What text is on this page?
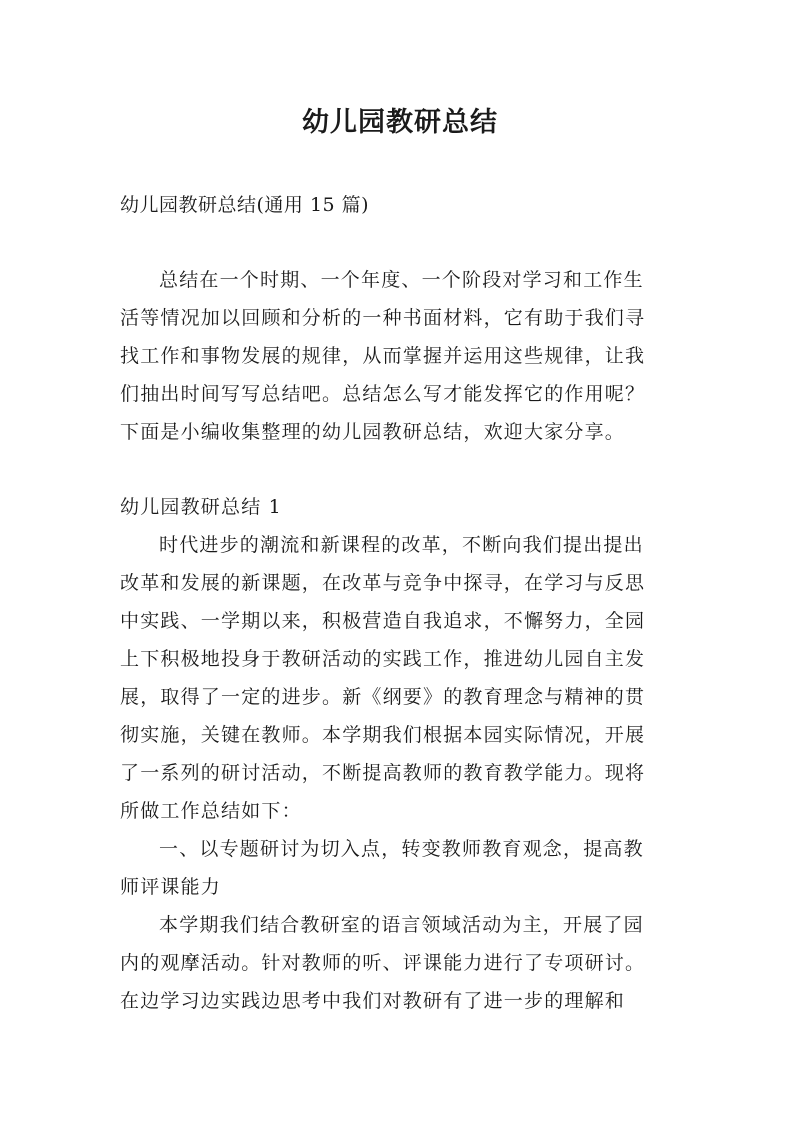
幼儿园教研总结
幼儿园教研总结(通用 15 篇)
总结在一个时期、一个年度、一个阶段对学习和工作生
活等情况加以回顾和分析的一种书面材料，它有助于我们寻
找工作和事物发展的规律，从而掌握并运用这些规律，让我
们抽出时间写写总结吧。总结怎么写才能发挥它的作用呢？
下面是小编收集整理的幼儿园教研总结，欢迎大家分享。
幼儿园教研总结 1
时代进步的潮流和新课程的改革，不断向我们提出提出
改革和发展的新课题，在改革与竞争中探寻，在学习与反思
中实践、一学期以来，积极营造自我追求，不懈努力，全园
上下积极地投身于教研活动的实践工作，推进幼儿园自主发
展，取得了一定的进步。新《纲要》的教育理念与精神的贯
彻实施，关键在教师。本学期我们根据本园实际情况，开展
了一系列的研讨活动，不断提高教师的教育教学能力。现将
所做工作总结如下：
一、以专题研讨为切入点，转变教师教育观念，提高教
师评课能力
本学期我们结合教研室的语言领域活动为主，开展了园
内的观摩活动。针对教师的听、评课能力进行了专项研讨。
在边学习边实践边思考中我们对教研有了进一步的理解和
